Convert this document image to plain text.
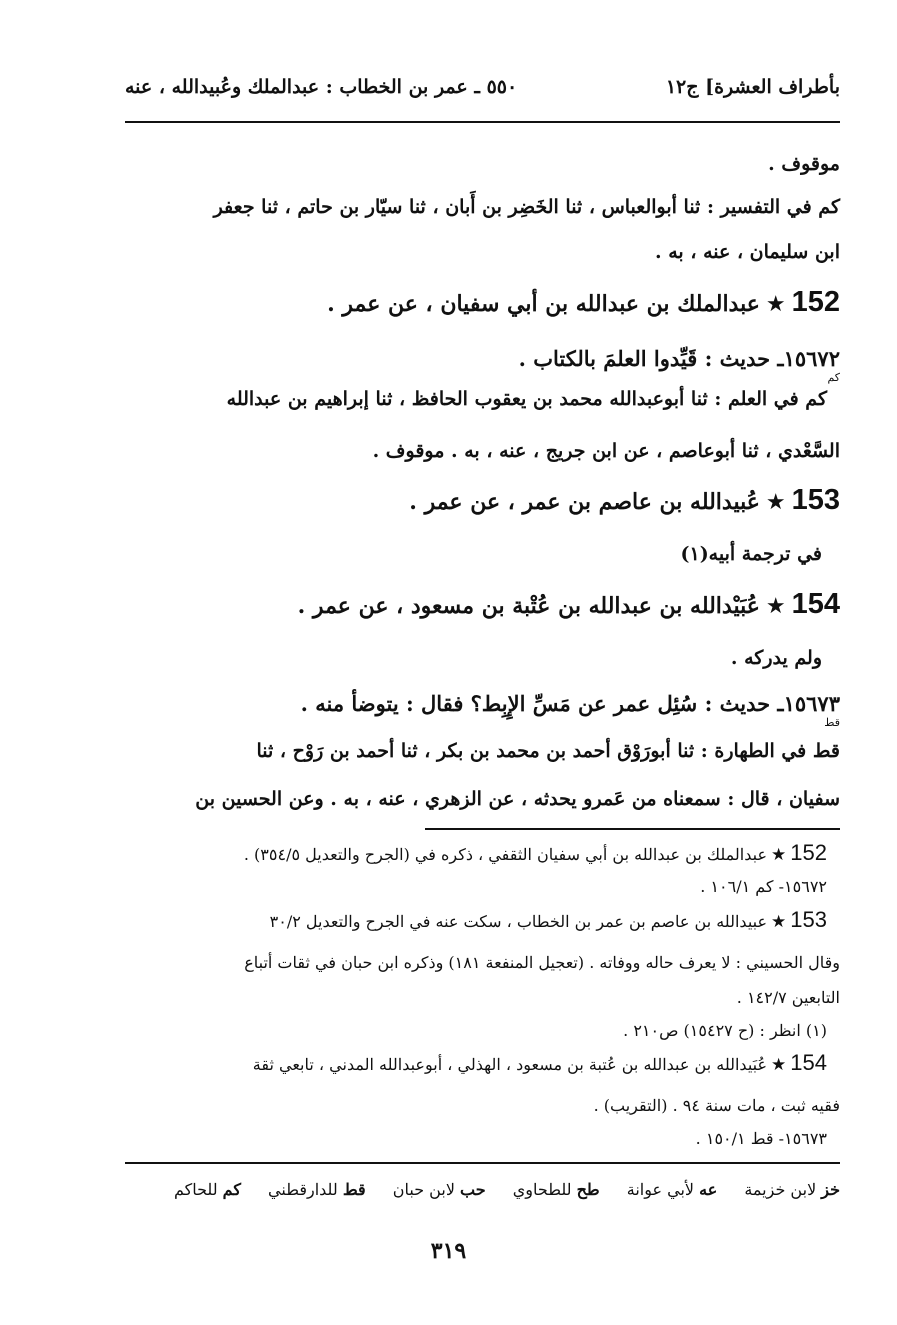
بأطراف العشرة] ج١٢
٥٥٠ ـ عمر بن الخطاب : عبدالملك وعُبيدالله ، عنه
موقوف .
كم في التفسير : ثنا أبوالعباس ، ثنا الخَضِر بن أَبان ، ثنا سيّار بن حاتم ، ثنا جعفر
ابن سليمان ، عنه ، به .
152★عبدالملك بن عبدالله بن أبي سفيان ، عن عمر .
١٥٦٧٢
كم
ـ حديث : قَيِّدوا العلمَ بالكتاب .
كم في العلم : ثنا أبوعبدالله محمد بن يعقوب الحافظ ، ثنا إبراهيم بن عبدالله
السَّعْدي ، ثنا أبوعاصم ، عن ابن جريج ، عنه ، به . موقوف .
153★عُبيدالله بن عاصم بن عمر ، عن عمر .
في ترجمة أبيه(١)
154★عُبَيْدالله بن عبدالله بن عُتْبة بن مسعود ، عن عمر .
ولم يدركه .
١٥٦٧٣
قط
ـ حديث : سُئِل عمر عن مَسِّ الإِبِط؟ فقال : يتوضأ منه .
قط في الطهارة : ثنا أبورَوْق أحمد بن محمد بن بكر ، ثنا أحمد بن رَوْح ، ثنا
سفيان ، قال : سمعناه من عَمرو يحدثه ، عن الزهري ، عنه ، به . وعن الحسين بن
152★عبدالملك بن عبدالله بن أبي سفيان الثقفي ، ذكره في (الجرح والتعديل ٣٥٤/٥) .
١٥٦٧٢- كم ١٠٦/١ .
153★عبيدالله بن عاصم بن عمر بن الخطاب ، سكت عنه في الجرح والتعديل ٣٠/٢
وقال الحسيني : لا يعرف حاله ووفاته . (تعجيل المنفعة ١٨١) وذكره ابن حبان في ثقات أتباع
التابعين ١٤٢/٧ .
(١) انظر : (ح ١٥٤٢٧) ص٢١٠ .
154★عُبَيدالله بن عبدالله بن عُتبة بن مسعود ، الهذلي ، أبوعبدالله المدني ، تابعي ثقة
فقيه ثبت ، مات سنة ٩٤ . (التقريب) .
١٥٦٧٣- قط ١٥٠/١ .
خز لابن خزيمة عه لأبي عوانة طح للطحاوي حب لابن حبان قط للدارقطني كم للحاكم
٣١٩
